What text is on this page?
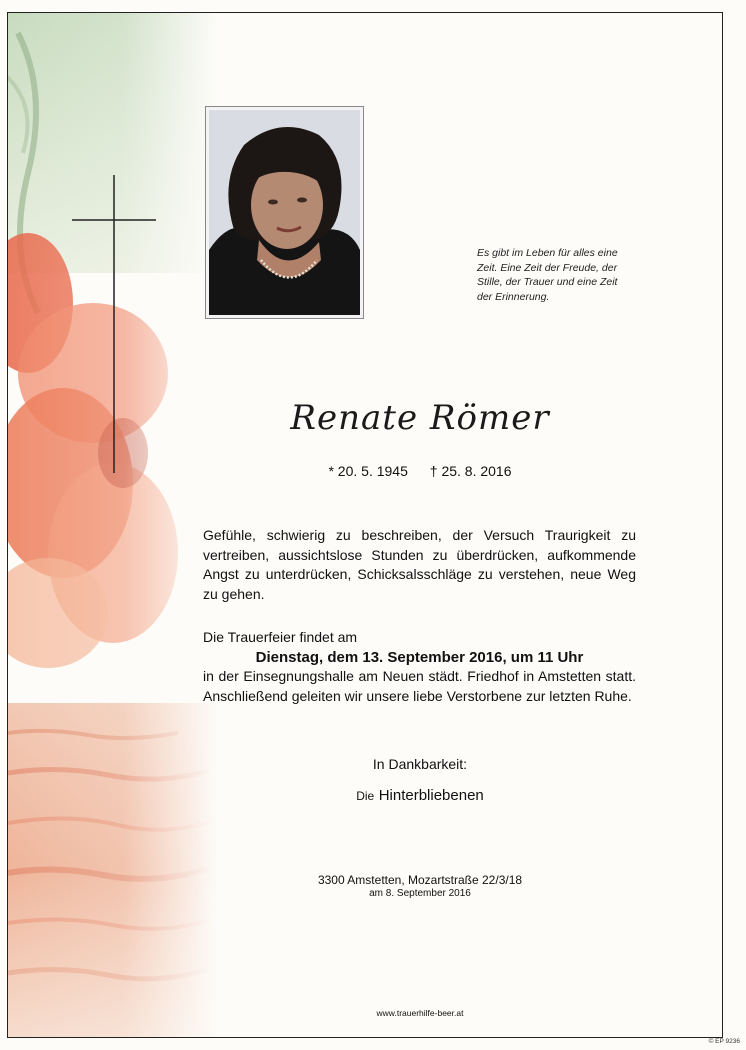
Es gibt im Leben für alles eine
Zeit. Eine Zeit der Freude, der
Stille, der Trauer und eine Zeit
der Erinnerung.
Renate Römer
* 20. 5. 1945 † 25. 8. 2016
Gefühle, schwierig zu beschreiben, der Versuch Traurigkeit zu vertreiben, aussichtslose Stunden zu überdrücken, aufkommende Angst zu unterdrücken, Schicksalsschläge zu verstehen, neue Weg zu gehen.
Die Trauerfeier findet am
Dienstag, dem 13. September 2016, um 11 Uhr
in der Einsegnungshalle am Neuen städt. Friedhof in Amstetten statt. Anschließend geleiten wir unsere liebe Verstorbene zur letzten Ruhe.
In Dankbarkeit:
Die Hinterbliebenen
3300 Amstetten, Mozartstraße 22/3/18
am 8. September 2016
www.trauerhilfe-beer.at
© EP 9236
